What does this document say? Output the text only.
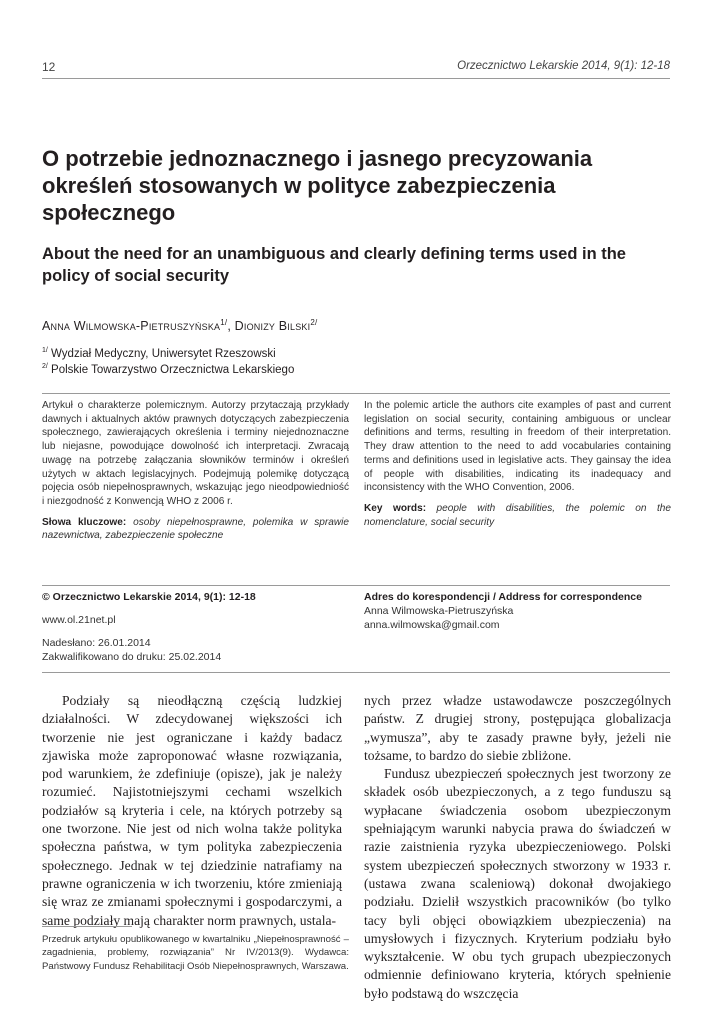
12	Orzecznictwo Lekarskie 2014, 9(1): 12-18
O potrzebie jednoznacznego i jasnego precyzowania określeń stosowanych w polityce zabezpieczenia społecznego
About the need for an unambiguous and clearly defining terms used in the policy of social security
Anna Wilmowska-Pietruszyńska$^{1/}$, Dionizy Bilski$^{2/}$
$^{1/}$ Wydział Medyczny, Uniwersytet Rzeszowski
$^{2/}$ Polskie Towarzystwo Orzecznictwa Lekarskiego
Artykuł o charakterze polemicznym. Autorzy przytaczają przykłady dawnych i aktualnych aktów prawnych dotyczących zabezpieczenia społecznego, zawierających określenia i terminy niejednoznaczne lub niejasne, powodujące dowolność ich interpretacji. Zwracają uwagę na potrzebę załączania słowników terminów i określeń użytych w aktach legislacyjnych. Podejmują polemikę dotyczącą pojęcia osób niepełnosprawnych, wskazując jego nieodpowiedniość i niezgodność z Konwencją WHO z 2006 r.
Słowa kluczowe: osoby niepełnosprawne, polemika w sprawie nazewnictwa, zabezpieczenie społeczne
In the polemic article the authors cite examples of past and current legislation on social security, containing ambiguous or unclear definitions and terms, resulting in freedom of their interpretation. They draw attention to the need to add vocabularies containing terms and definitions used in legislative acts. They gainsay the idea of people with disabilities, indicating its inadequacy and inconsistency with the WHO Convention, 2006.
Key words: people with disabilities, the polemic on the nomenclature, social security
© Orzecznictwo Lekarskie 2014, 9(1): 12-18
www.ol.21net.pl
Nadesłano: 26.01.2014
Zakwalifikowano do druku: 25.02.2014
Adres do korespondencji / Address for correspondence
Anna Wilmowska-Pietruszyńska
anna.wilmowska@gmail.com

Podziały są nieodłączną częścią ludzkiej działalności. W zdecydowanej większości ich tworzenie nie jest ograniczane i każdy badacz zjawiska może zaproponować własne rozwiązania, pod warunkiem, że zdefiniuje (opisze), jak je należy rozumieć. Najistotniejszymi cechami wszelkich podziałów są kryteria i cele, na których potrzeby są one tworzone. Nie jest od nich wolna także polityka społeczna państwa, w tym polityka zabezpieczenia społecznego. Jednak w tej dziedzinie natrafiamy na prawne ograniczenia w ich tworzeniu, które zmieniają się wraz ze zmianami społecznymi i gospodarczymi, a same podziały mają charakter norm prawnych, ustala-

nych przez władze ustawodawcze poszczególnych państw. Z drugiej strony, postępująca globalizacja „wymusza”, aby te zasady prawne były, jeżeli nie tożsame, to bardzo do siebie zbliżone.

Fundusz ubezpieczeń społecznych jest tworzony ze składek osób ubezpieczonych, a z tego funduszu są wypłacane świadczenia osobom ubezpieczonym spełniającym warunki nabycia prawa do świadczeń w razie zaistnienia ryzyka ubezpieczeniowego. Polski system ubezpieczeń społecznych stworzony w 1933 r. (ustawa zwana scaleniową) dokonał dwojakiego podziału. Dzielił wszystkich pracowników (bo tylko tacy byli objęci obowiązkiem ubezpieczenia) na umysłowych i fizycznych. Kryterium podziału było wykształcenie. W obu tych grupach ubezpieczonych odmiennie definiowano kryteria, których spełnienie było podstawą do wszczęcia

Przedruk artykułu opublikowanego w kwartalniku „Niepełnosprawność – zagadnienia, problemy, rozwiązania” Nr IV/2013(9). Wydawca: Państwowy Fundusz Rehabilitacji Osób Niepełnosprawnych, Warszawa.
